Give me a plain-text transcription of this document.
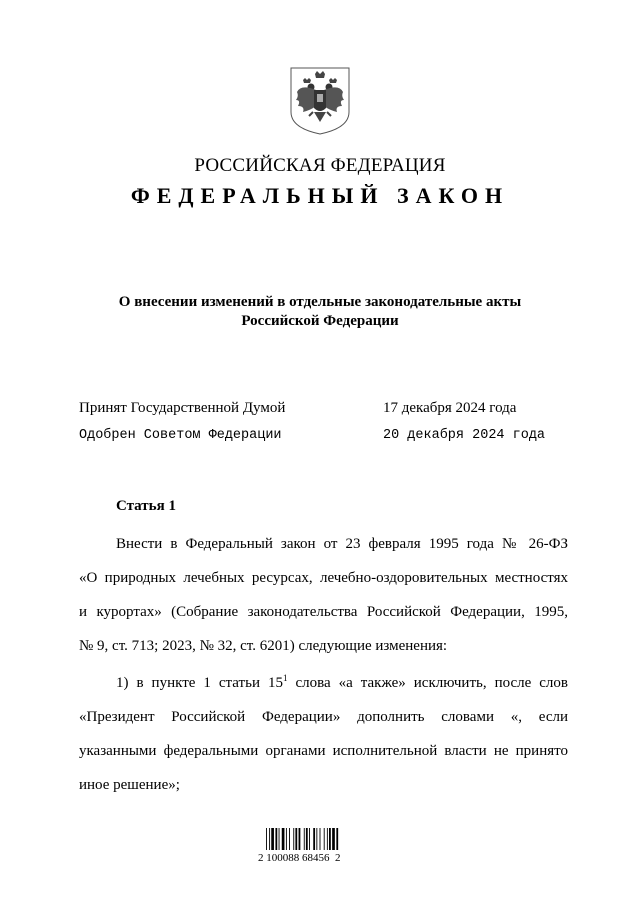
РОССИЙСКАЯ ФЕДЕРАЦИЯ
ФЕДЕРАЛЬНЫЙ ЗАКОН
О внесении изменений в отдельные законодательные акты
Российской Федерации
Принят Государственной Думой	17 декабря 2024 года
Одобрен Советом Федерации	20 декабря 2024 года
Статья 1
Внести в Федеральный закон от 23 февраля 1995 года № 26-ФЗ
«О природных лечебных ресурсах, лечебно-оздоровительных местностях
и курортах» (Собрание законодательства Российской Федерации, 1995,
№ 9, ст. 713; 2023, № 32, ст. 6201) следующие изменения:
1) в пункте 1 статьи $15^1$ слова «а также» исключить, после слов
«Президент Российской Федерации» дополнить словами «, если
указанными федеральными органами исполнительной власти не принято
иное решение»;
2 100088 68456  2
